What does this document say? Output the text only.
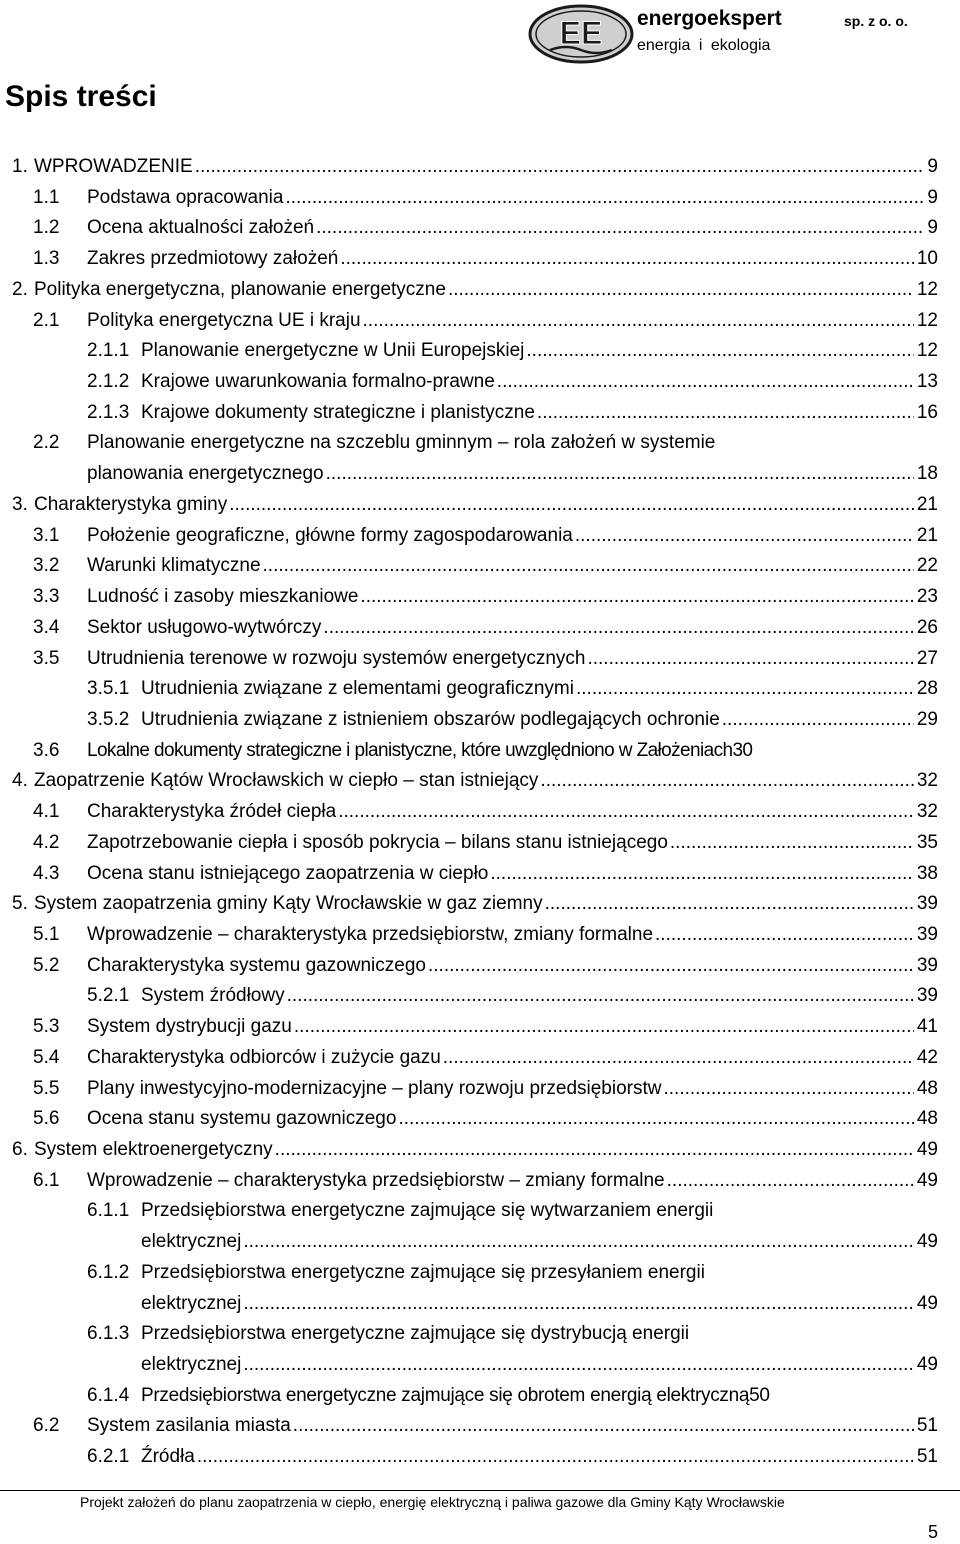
EE energoekspert	sp. z o. o.
energia i ekologia
Spis treści
1. WPROWADZENIE .....	9
1.1 Podstawa opracowania .....	9
1.2 Ocena aktualności założeń .....	9
1.3 Zakres przedmiotowy założeń .....	10
2. Polityka energetyczna, planowanie energetyczne .....	12
2.1 Polityka energetyczna UE i kraju .....	12
2.1.1 Planowanie energetyczne w Unii Europejskiej .....	12
2.1.2 Krajowe uwarunkowania formalno-prawne .....	13
2.1.3 Krajowe dokumenty strategiczne i planistyczne .....	16
2.2 Planowanie energetyczne na szczeblu gminnym – rola założeń w systemie
planowania energetycznego .....	18
3. Charakterystyka gminy .....	21
3.1 Położenie geograficzne, główne formy zagospodarowania .....	21
3.2 Warunki klimatyczne .....	22
3.3 Ludność i zasoby mieszkaniowe .....	23
3.4 Sektor usługowo-wytwórczy .....	26
3.5 Utrudnienia terenowe w rozwoju systemów energetycznych .....	27
3.5.1 Utrudnienia związane z elementami geograficznymi .....	28
3.5.2 Utrudnienia związane z istnieniem obszarów podlegających ochronie .....	29
3.6 Lokalne dokumenty strategiczne i planistyczne, które uwzględniono w Założeniach 30
4. Zaopatrzenie Kątów Wrocławskich w ciepło – stan istniejący .....	32
4.1 Charakterystyka źródeł ciepła .....	32
4.2 Zapotrzebowanie ciepła i sposób pokrycia – bilans stanu istniejącego .....	35
4.3 Ocena stanu istniejącego zaopatrzenia w ciepło .....	38
5. System zaopatrzenia gminy Kąty Wrocławskie w gaz ziemny .....	39
5.1 Wprowadzenie – charakterystyka przedsiębiorstw, zmiany formalne .....	39
5.2 Charakterystyka systemu gazowniczego .....	39
5.2.1 System źródłowy .....	39
5.3 System dystrybucji gazu .....	41
5.4 Charakterystyka odbiorców i zużycie gazu .....	42
5.5 Plany inwestycyjno-modernizacyjne – plany rozwoju przedsiębiorstw .....	48
5.6 Ocena stanu systemu gazowniczego .....	48
6. System elektroenergetyczny .....	49
6.1 Wprowadzenie – charakterystyka przedsiębiorstw – zmiany formalne .....	49
6.1.1 Przedsiębiorstwa energetyczne zajmujące się wytwarzaniem energii
elektrycznej .....	49
6.1.2 Przedsiębiorstwa energetyczne zajmujące się przesyłaniem energii
elektrycznej .....	49
6.1.3 Przedsiębiorstwa energetyczne zajmujące się dystrybucją energii
elektrycznej .....	49
6.1.4 Przedsiębiorstwa energetyczne zajmujące się obrotem energią elektryczną 50
6.2 System zasilania miasta .....	51
6.2.1 Źródła .....	51
Projekt założeń do planu zaopatrzenia w ciepło, energię elektryczną i paliwa gazowe dla Gminy Kąty Wrocławskie
5
